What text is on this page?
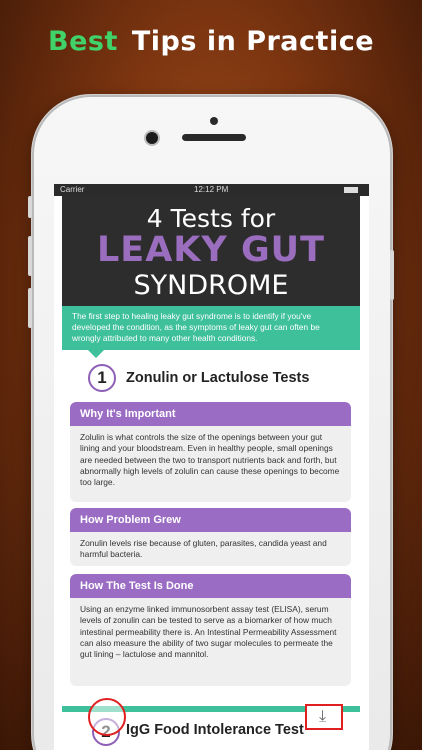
Best Tips in Practice
Carrier	12:12 PM
4 Tests for
LEAKY GUT
SYNDROME
The first step to healing leaky gut syndrome is to identify if you've developed the condition, as the symptoms of leaky gut can often be wrongly attributed to many other health conditions.
1	Zonulin or Lactulose Tests
Why It's Important
Zolulin is what controls the size of the openings between your gut lining and your bloodstream. Even in healthy people, small openings are needed between the two to transport nutrients back and forth, but abnormally high levels of zolulin can cause these openings to become too large.
How Problem Grew
Zonulin levels rise because of gluten, parasites, candida yeast and harmful bacteria.
How The Test Is Done
Using an enzyme linked immunosorbent assay test (ELISA), serum levels of zonulin can be tested to serve as a biomarker of how much intestinal permeability there is. An Intestinal Permeability Assessment can also measure the ability of two sugar molecules to permeate the gut lining – lactulose and mannitol.
IgG Food Intolerance Test
⤓
